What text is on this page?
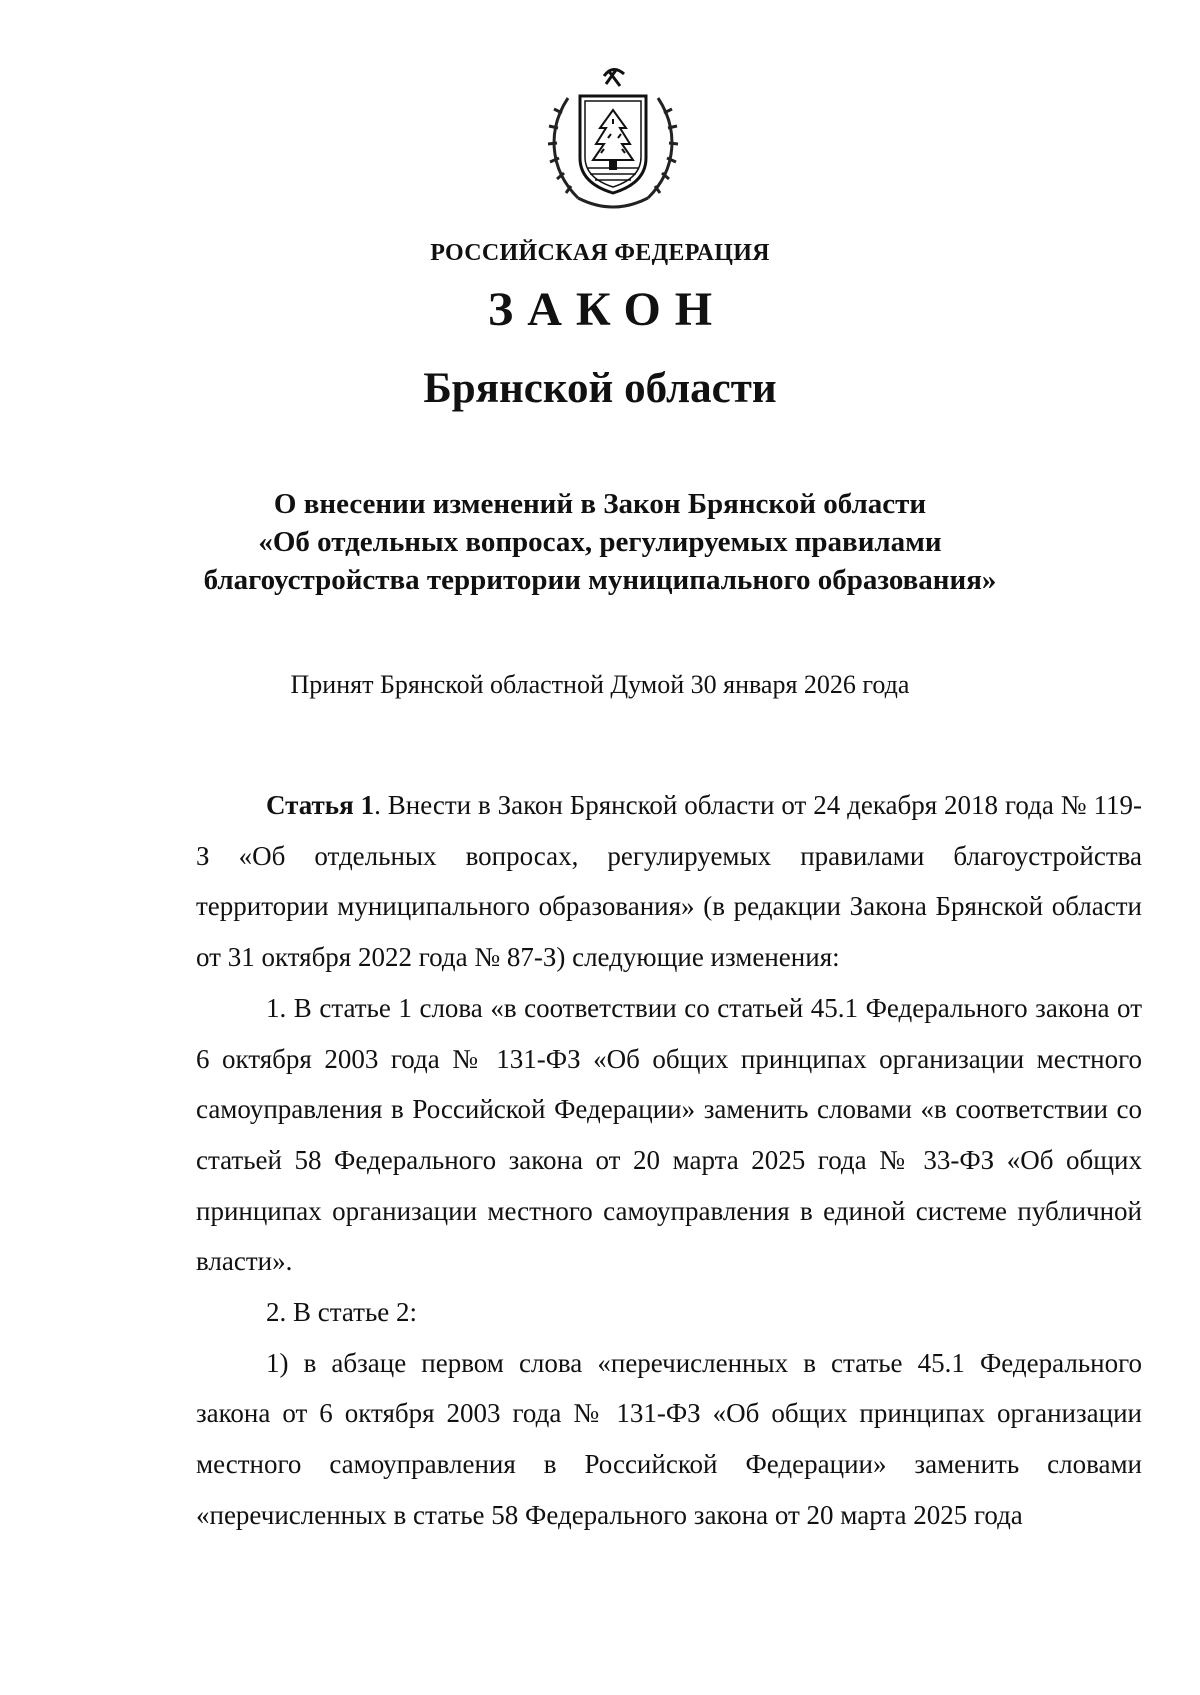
РОССИЙСКАЯ ФЕДЕРАЦИЯ
ЗАКОН
Брянской области
О внесении изменений в Закон Брянской области
«Об отдельных вопросах, регулируемых правилами
благоустройства территории муниципального образования»
Принят Брянской областной Думой 30 января 2026 года

Статья 1. Внести в Закон Брянской области от 24 декабря 2018 года № 119-З «Об отдельных вопросах, регулируемых правилами благоустройства территории муниципального образования» (в редакции Закона Брянской области от 31 октября 2022 года № 87-З) следующие изменения:

1. В статье 1 слова «в соответствии со статьей 45.1 Федерального закона от 6 октября 2003 года № 131-ФЗ «Об общих принципах организации местного самоуправления в Российской Федерации» заменить словами «в соответствии со статьей 58 Федерального закона от 20 марта 2025 года № 33-ФЗ «Об общих принципах организации местного самоуправления в единой системе публичной власти».

2. В статье 2:

1) в абзаце первом слова «перечисленных в статье 45.1 Федерального закона от 6 октября 2003 года № 131-ФЗ «Об общих принципах организации местного самоуправления в Российской Федерации» заменить словами «перечисленных в статье 58 Федерального закона от 20 марта 2025 года
